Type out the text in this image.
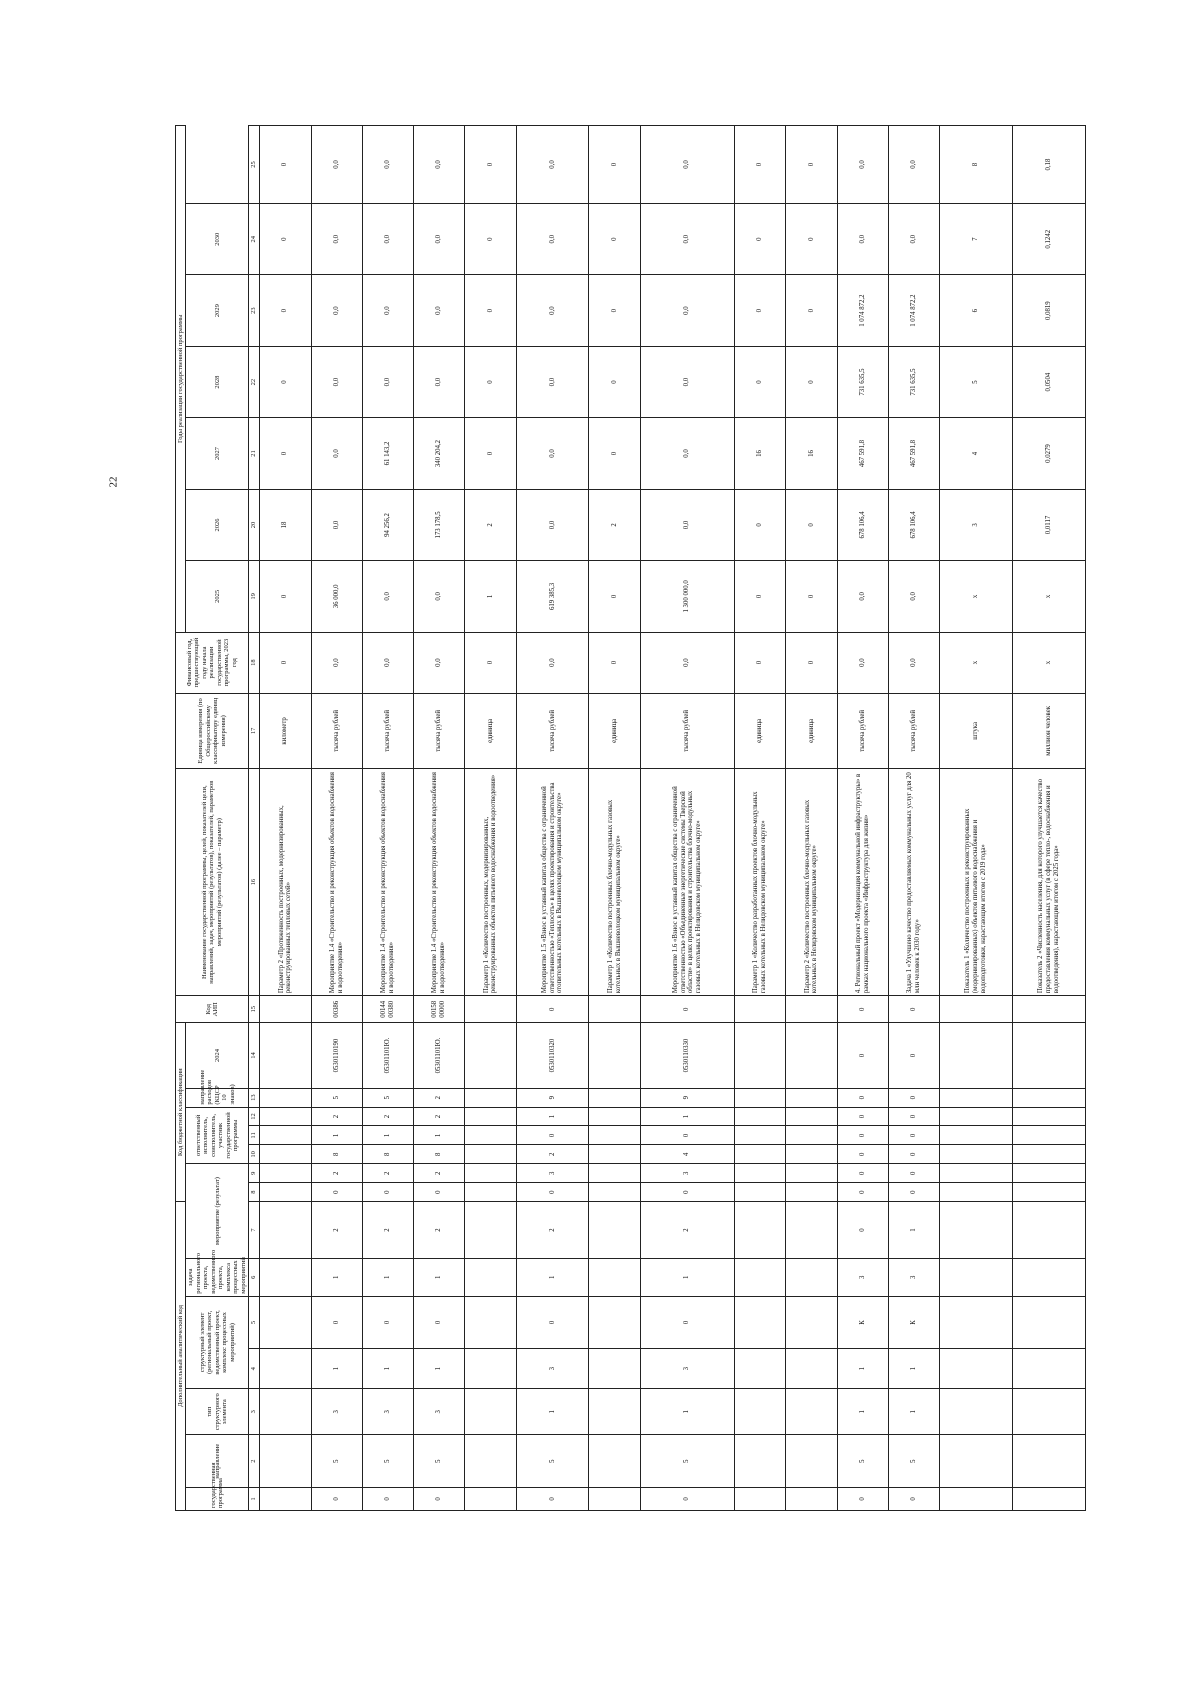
22
Дополнительный аналитический код							Код бюджетной классификации							Код АИП	Наименование государственной программы, целей, показателей цели, направлений, задач, мероприятий (результатов), показателей, параметров мероприятий (результатов) (далее – параметр)	Единица измерения (по Общероссийскому классификатору единиц измерения)	Финансовый год, предшествующий году начала реализации государственной программы, 2023 год	Годы реализации государственной программы						
государственная программа	направление	тип структурного элемента	структурный элемент (региональный проект, ведомственный проект, комплекс процессных мероприятий)		задача регионального проекта, ведомственного проекта, комплекса процессных мероприятий	мероприятие (результат)			ответственный исполнитель, соисполнитель, участник государственной программы			направление расходов (КЦСР 10 знаков)	2024					2025	2026	2027	2028	2029	2030	

1	2	3	4	5	6	7	8	9	10	11	12	13	14	15	16	17	18	19	20	21	22	23	24	25
															Параметр 2 «Протяженность построенных, модернизированных, реконструированных тепловых сетей»	километр	0	0	18	0	0	0	0	0
0	5	3	1	0	1	2	0	2	8	1	2	5	0530110190	00386	Мероприятие 1.4 «Строительство и реконструкция объектов водоснабжения и водоотведения»	тысяча рублей	0,0	36 000,0	0,0	0,0	0,0	0,0	0,0	0,0
0	5	3	1	0	1	2	0	2	8	1	2	5	05301101Ю.	00144 00380	Мероприятие 1.4 «Строительство и реконструкция объектов водоснабжения и водоотведения»	тысяча рублей	0,0	0,0	94 256,2	61 143,2	0,0	0,0	0,0	0,0
0	5	3	1	0	1	2	0	2	8	1	2	2	05301101Ю.	00158 00000	Мероприятие 1.4 «Строительство и реконструкция объектов водоснабжения и водоотведения»	тысяча рублей	0,0	0,0	173 178,5	340 204,2	0,0	0,0	0,0	0,0
															Параметр 1 «Количество построенных, модернизированных, реконструированных объектов питьевого водоснабжения и водоотведения»	единица	0	1	2	0	0	0	0	0
0	5	1	3	0	1	2	0	3	2	0	1	9	0530110320	0	Мероприятие 1.5 «Взнос в уставный капитал общества с ограниченной ответственностью «Теплосеть» в целях проектирования и строительства отопительных котельных в Вышневолоцком муниципальном округе»	тысяча рублей	0,0	619 385,3	0,0	0,0	0,0	0,0	0,0	0,0
															Параметр 1 «Количество построенных блочно-модульных газовых котельных в Вышневолоцком муниципальном округе»	единица	0	0	2	0	0	0	0	0
0	5	1	3	0	1	2	0	3	4	0	1	9	0530110330	0	Мероприятие 1.6 «Взнос в уставный капитал общества с ограниченной ответственностью «Объединенные энергетические системы Тверской области» в целях проектирования и строительства блочно-модульных газовых котельных в Нелидовском муниципальном округе»	тысяча рублей	0,0	1 300 000,0	0,0	0,0	0,0	0,0	0,0	0,0
															Параметр 1 «Количество разработанных проектов блочно-модульных газовых котельных в Нелидовском муниципальном округе»	единица	0	0	0	16	0	0	0	0
															Параметр 2 «Количество построенных блочно-модульных газовых котельных в Нелидовском муниципальном округе»	единица	0	0	0	16	0	0	0	0
0	5	1	1	К	3	0	0	0	0	0	0	0	0	0	4. Региональный проект «Модернизация коммунальной инфраструктуры» в рамках национального проекта «Инфраструктура для жизни»	тысяча рублей	0,0	0,0	678 106,4	467 591,8	731 635,5	1 074 872,2	0,0	0,0
0	5	1	1	К	3	1	0	0	0	0	0	0	0	0	Задача 1 «Улучшено качество предоставляемых коммунальных услуг для 20 млн человек к 2030 году»	тысяча рублей	0,0	0,0	678 106,4	467 591,8	731 635,5	1 074 872,2	0,0	0,0
															Показатель 1 «Количество построенных и реконструированных (модернизированных) объектов питьевого водоснабжения и водоподготовки, нарастающим итогом с 2019 года»	штука	x	x	3	4	5	6	7	8
															Показатель 2 «Численность населения, для которого улучшается качество предоставления коммунальных услуг (в сфере тепло-, водоснабжения и водоотведения), нарастающим итогом с 2025 года»	миллион человек	x	x	0,0117	0,0279	0,0504	0,0819	0,1242	0,18
